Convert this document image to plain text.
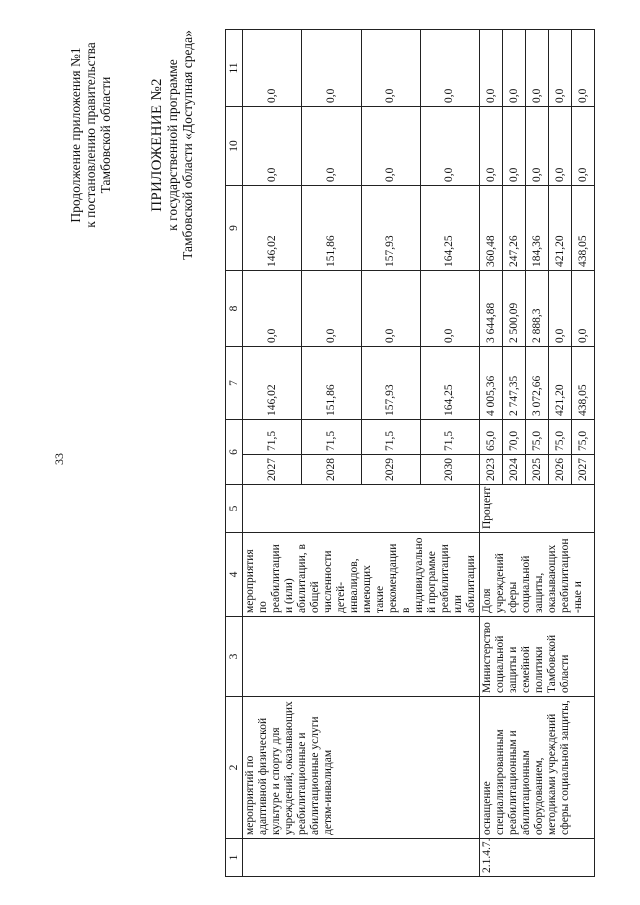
33
Продолжение приложения №1 к постановлению правительства Тамбовской области ПРИЛОЖЕНИЕ №2 к государственной программе Тамбовской области «Доступная среда»
1	2	3	4	5	6		7	8	9	10	11
	мероприятий по адаптивной физической культуре и спорту для учреждений, оказывающих реабилитационные и абилитационные услуги детям-инвалидам		мероприятия по реабилитации и (или) абилитации, в общей численности детей-инвалидов, имеющих такие рекомендации в индивидуальной программе реабилитации или абилитации		2027	71,5	146,02	0,0	146,02	0,0	0,0
					2028	71,5	151,86	0,0	151,86	0,0	0,0
					2029	71,5	157,93	0,0	157,93	0,0	0,0
					2030	71,5	164,25	0,0	164,25	0,0	0,0
2.1.4.7.	оснащение специализированным реабилитационным и абилитационным оборудованием, методиками учреждений сферы социальной защиты,	Министерство социальной защиты и семейной политики Тамбовской области	Доля учреждений сферы социальной защиты, оказывающих реабилитацион-ные и	Процент	2023	65,0	4 005,36	3 644,88	360,48	0,0	0,0
					2024	70,0	2 747,35	2 500,09	247,26	0,0	0,0
					2025	75,0	3 072,66	2 888,3	184,36	0,0	0,0
					2026	75,0	421,20	0,0	421,20	0,0	0,0
					2027	75,0	438,05	0,0	438,05	0,0	0,0
